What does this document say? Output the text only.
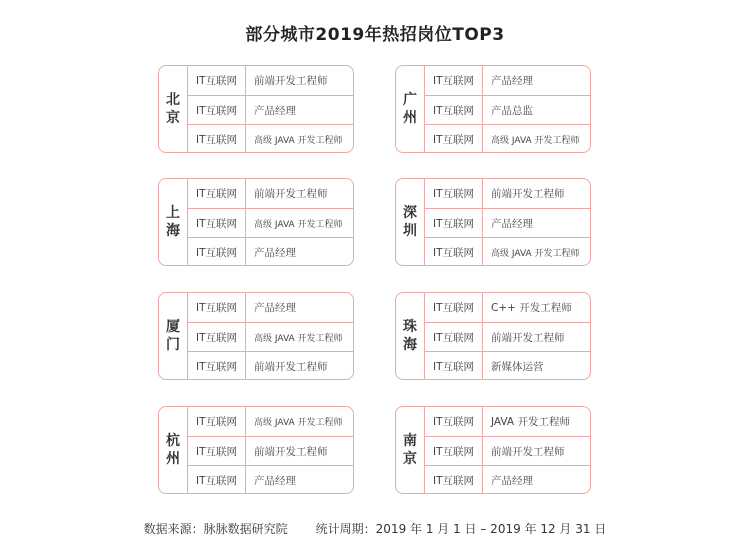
部分城市2019年热招岗位TOP3
北
京
IT互联网	前端开发工程师
IT互联网	产品经理
IT互联网	高级 JAVA 开发工程师
广
州
IT互联网	产品经理
IT互联网	产品总监
IT互联网	高级 JAVA 开发工程师
上
海
IT互联网	前端开发工程师
IT互联网	高级 JAVA 开发工程师
IT互联网	产品经理
深
圳
IT互联网	前端开发工程师
IT互联网	产品经理
IT互联网	高级 JAVA 开发工程师
厦
门
IT互联网	产品经理
IT互联网	高级 JAVA 开发工程师
IT互联网	前端开发工程师
珠
海
IT互联网	C++ 开发工程师
IT互联网	前端开发工程师
IT互联网	新媒体运营
杭
州
IT互联网	高级 JAVA 开发工程师
IT互联网	前端开发工程师
IT互联网	产品经理
南
京
IT互联网	JAVA 开发工程师
IT互联网	前端开发工程师
IT互联网	产品经理
数据来源：脉脉数据研究院 统计周期：2019 年 1 月 1 日 – 2019 年 12 月 31 日
